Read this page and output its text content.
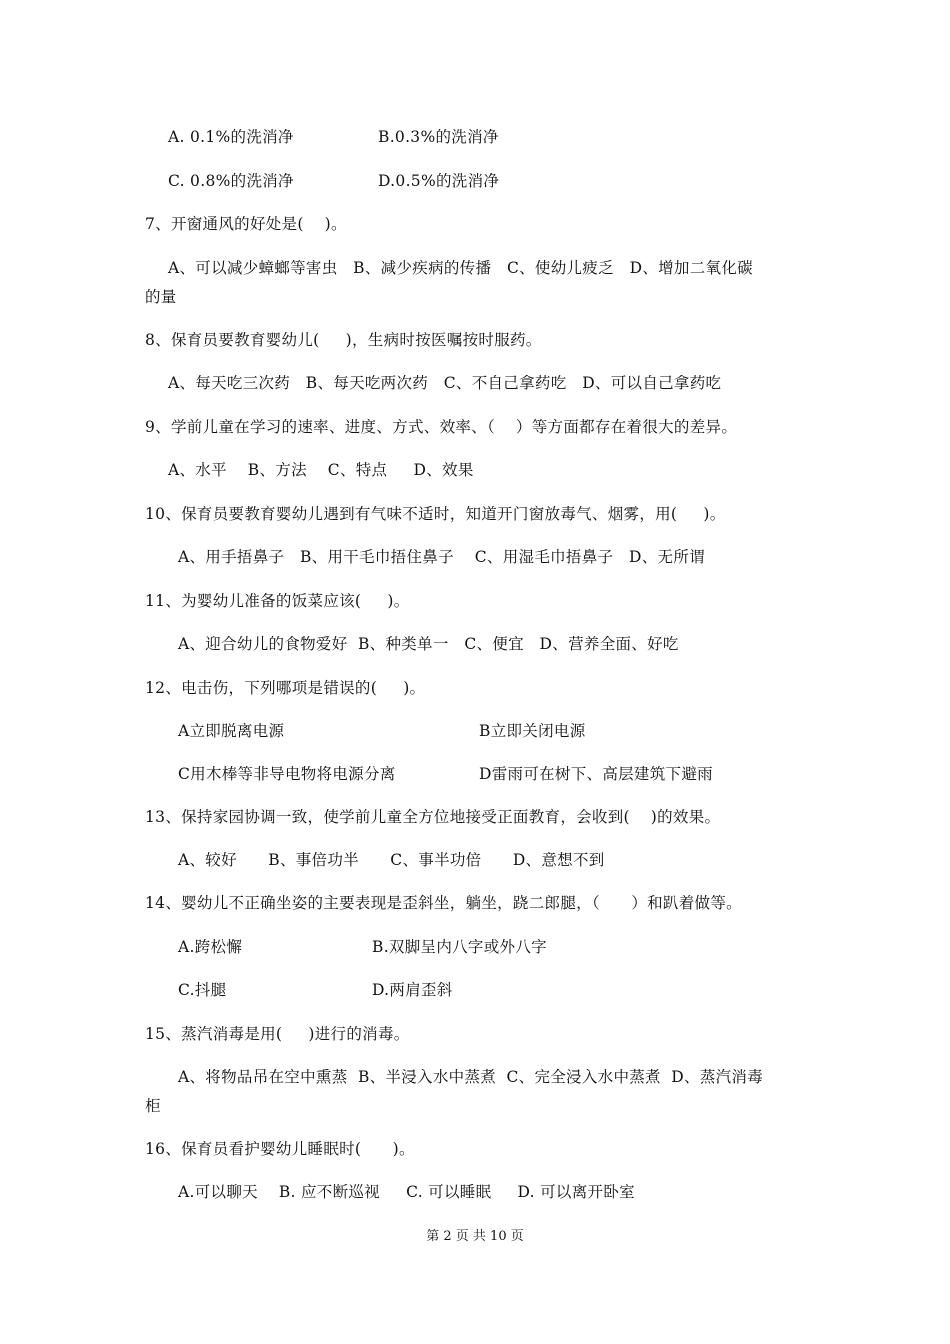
A. 0.1%的洗消净	B.0.3%的洗消净
C. 0.8%的洗消净	D.0.5%的洗消净
7、开窗通风的好处是(    )。
A、可以减少蟑螂等害虫   B、减少疾病的传播   C、使幼儿疲乏   D、增加二氧化碳
的量
8、保育员要教育婴幼儿(     )，生病时按医嘱按时服药。
A、每天吃三次药   B、每天吃两次药   C、不自己拿药吃   D、可以自己拿药吃
9、学前儿童在学习的速率、进度、方式、效率、（    ）等方面都存在着很大的差异。
A、水平    B、方法    C、特点     D、效果
10、保育员要教育婴幼儿遇到有气味不适时，知道开门窗放毒气、烟雾，用(     )。
A、用手捂鼻子   B、用干毛巾捂住鼻子    C、用湿毛巾捂鼻子   D、无所谓
11、为婴幼儿准备的饭菜应该(     )。
A、迎合幼儿的食物爱好  B、种类单一   C、便宜   D、营养全面、好吃
12、电击伤，下列哪项是错误的(     )。
A立即脱离电源	B立即关闭电源
C用木棒等非导电物将电源分离	D雷雨可在树下、高层建筑下避雨
13、保持家园协调一致，使学前儿童全方位地接受正面教育，会收到(    )的效果。
A、较好      B、事倍功半      C、事半功倍      D、意想不到
14、婴幼儿不正确坐姿的主要表现是歪斜坐，躺坐，跷二郎腿，（      ）和趴着做等。
A.跨松懈	B.双脚呈内八字或外八字
C.抖腿	D.两肩歪斜
15、蒸汽消毒是用(     )进行的消毒。
A、将物品吊在空中熏蒸  B、半浸入水中蒸煮  C、完全浸入水中蒸煮  D、蒸汽消毒
柜
16、保育员看护婴幼儿睡眠时(      )。
A.可以聊天    B. 应不断巡视     C. 可以睡眠     D. 可以离开卧室
第 2 页 共 10 页
